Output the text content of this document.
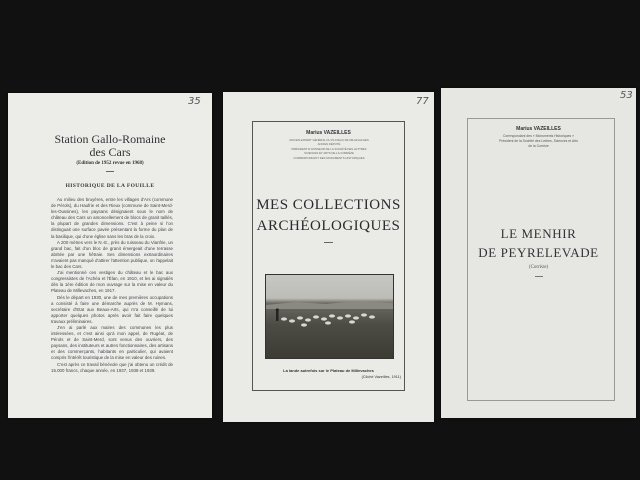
35
Station Gallo-Romaine
des Cars
(Edition de 1952 revue en 1968)
HISTORIQUE DE LA FOUILLE

Au milieu des bruyères, entre les villages d'Ars (commune de Pérols), du Haufrie et des Rieux (commune de Saint-Merd-les-Oussines), les paysans désignaient sous le nom de château des Cars un amoncellement de blocs de granit taillés, la plupart de grandes dimensions. C'est à peine si l'on distinguait une surface pavée présentant la forme du plan de la basilique, qui d'une église sans les bras de la croix.

A 200 mètres vers le N.-E., près du ruisseau du Vianfrie, un grand bac, fait d'un bloc de granit émergeait d'une terrasse abritée par une hêtraie. Ses dimensions extraordinaires n'avaient pas manqué d'attirer l'attention publique, on l'appelait le bac des Cars.

J'ai mentionné ces vestiges du château et le bac aux congressistes de l'Achéa et l'Élan, en 1910, et les ai signalés dès la 1ère édition de mon ouvrage sur la mise en valeur du Plateau de Millevaches, en 1917.

Dès le départ en 1930, une de mes premières occupations a consisté à faire une démarche auprès de M. Hymans, secrétaire d'Etat aux Beaux-Arts, qui m'a conseillé de lui apporter quelques photos après avoir fait faire quelques travaux préliminaires.

J'en ai parlé aux maires des communes les plus intéressées, et c'est ainsi qu'à mon appel, de Rugéat, de Pérols et de Saint-Merd, sont venus des ouvriers, des paysans, des instituteurs et autres fonctionnaires, des artisans et des commerçants, habitants en particulier, qui avaient compris l'intérêt touristique de la mise en valeur des ruines.

C'est après ce travail bénévole que j'ai obtenu un crédit de 15.000 francs, chaque année, en 1937, 1938 et 1939.

77
Marius VAZEILLES
ANCIEN EXPERT GÉNÉRAL DU PLATEAU DE MILLEVACHES
ANCIEN DÉPUTÉ
PRÉSIDENT D'HONNEUR DE LA SOCIÉTÉ DES LETTRES
SCIENCES ET ARTS DE LA CORRÈZE
CORRESPONDANT DES MONUMENTS HISTORIQUES
MES COLLECTIONS
ARCHÉOLOGIQUES
La lande autrefois sur le Plateau de Millevaches
(Cliché Vazeilles, 1911)
53
Marius VAZEILLES
Correspondant des « Monuments Historiques »
Président de la Société des Lettres, Sciences et Arts
de la Corrèze
LE MENHIR
DE PEYRELEVADE
(Corrèze)
